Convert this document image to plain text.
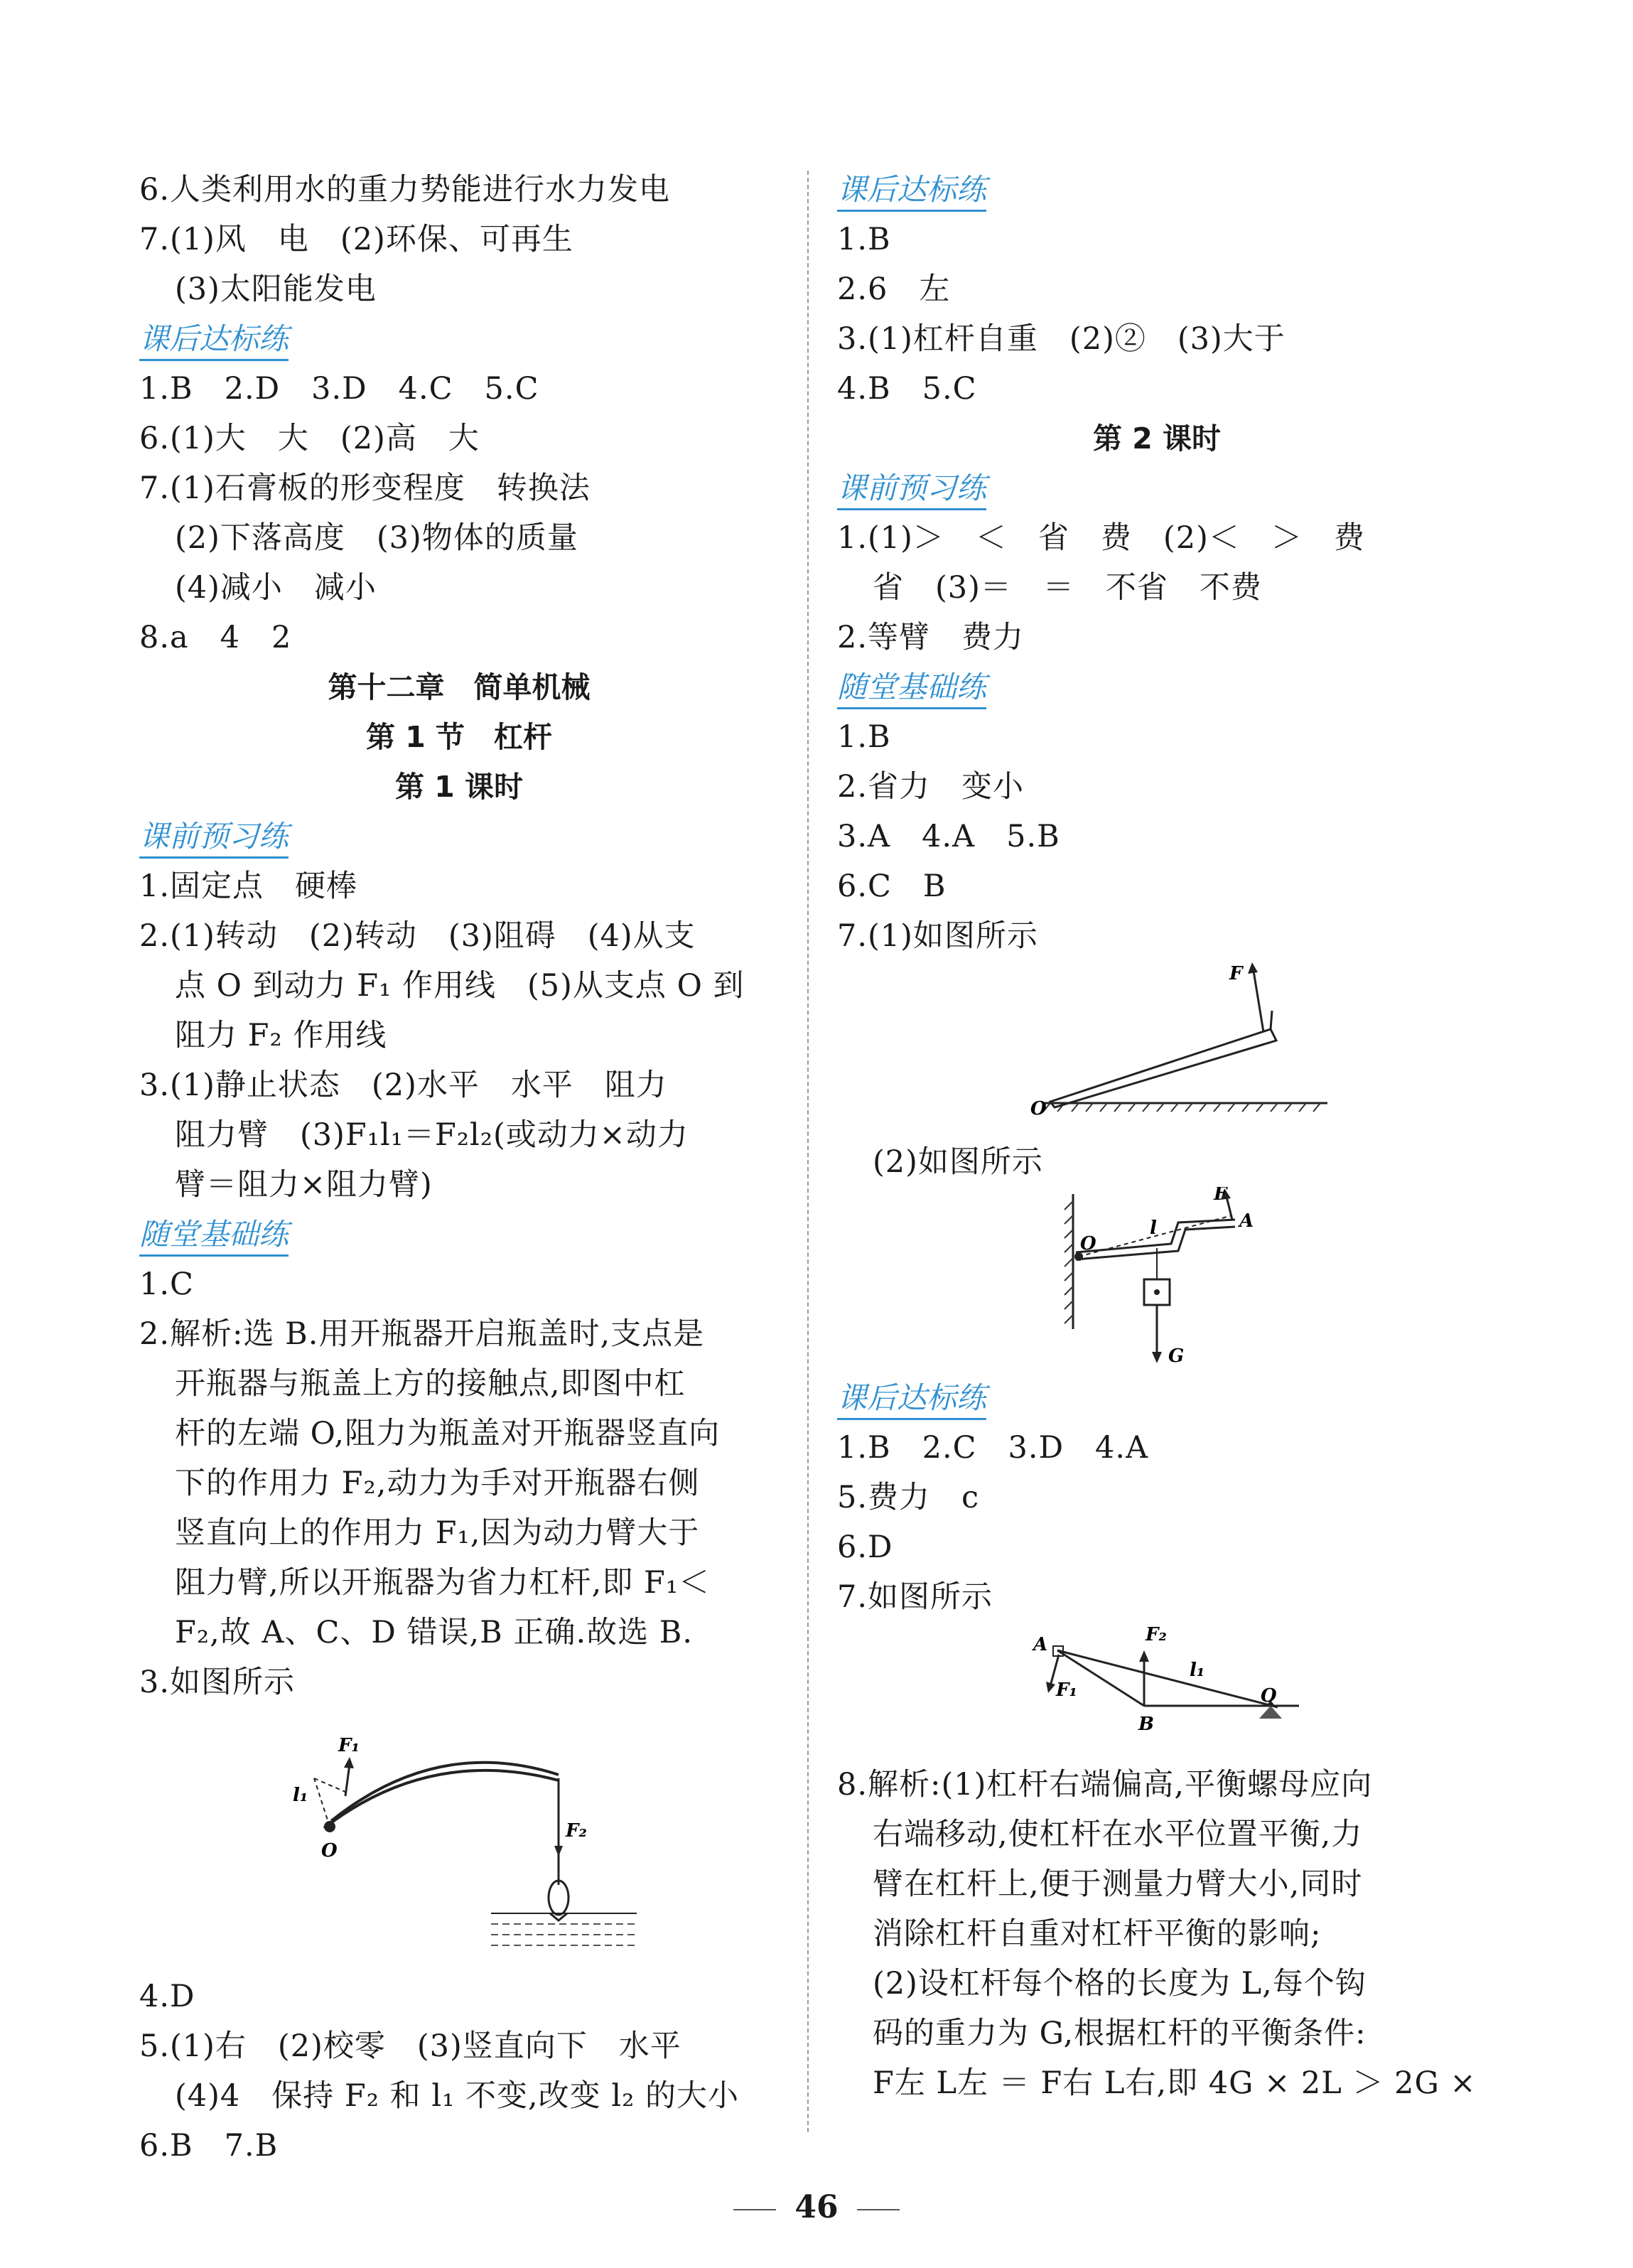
6.人类利用水的重力势能进行水力发电
7.(1)风　电　(2)环保、可再生
(3)太阳能发电
课后达标练
1.B　2.D　3.D　4.C　5.C
6.(1)大　大　(2)高　大
7.(1)石膏板的形变程度　转换法
(2)下落高度　(3)物体的质量
(4)减小　减小
8.a　4　2
第十二章　简单机械
第 1 节　杠杆
第 1 课时
课前预习练
1.固定点　硬棒
2.(1)转动　(2)转动　(3)阻碍　(4)从支
点 O 到动力 F₁ 作用线　(5)从支点 O 到
阻力 F₂ 作用线
3.(1)静止状态　(2)水平　水平　阻力
阻力臂　(3)F₁l₁＝F₂l₂(或动力×动力
臂＝阻力×阻力臂)
随堂基础练
1.C
2.解析:选 B.用开瓶器开启瓶盖时,支点是
开瓶器与瓶盖上方的接触点,即图中杠
杆的左端 O,阻力为瓶盖对开瓶器竖直向
下的作用力 F₂,动力为手对开瓶器右侧
竖直向上的作用力 F₁,因为动力臂大于
阻力臂,所以开瓶器为省力杠杆,即 F₁＜
F₂,故 A、C、D 错误,B 正确.故选 B.
3.如图所示
F₁
l₁
O
F₂
4.D
5.(1)右　(2)校零　(3)竖直向下　水平
(4)4　保持 F₂ 和 l₁ 不变,改变 l₂ 的大小
6.B　7.B
课后达标练
1.B
2.6　左
3.(1)杠杆自重　(2)②　(3)大于
4.B　5.C
第 2 课时
课前预习练
1.(1)＞　＜　省　费　(2)＜　＞　费
省　(3)＝　＝　不省　不费
2.等臂　费力
随堂基础练
1.B
2.省力　变小
3.A　4.A　5.B
6.C　B
7.(1)如图所示
F
O
(2)如图所示
F
O
l	A
G
课后达标练
1.B　2.C　3.D　4.A
5.费力　c
6.D
7.如图所示
A
F₁
F₂
l₁
O
B
8.解析:(1)杠杆右端偏高,平衡螺母应向
右端移动,使杠杆在水平位置平衡,力
臂在杠杆上,便于测量力臂大小,同时
消除杠杆自重对杠杆平衡的影响;
(2)设杠杆每个格的长度为 L,每个钩
码的重力为 G,根据杠杆的平衡条件:
F左 L左 ＝ F右 L右,即 4G × 2L ＞ 2G ×
46
